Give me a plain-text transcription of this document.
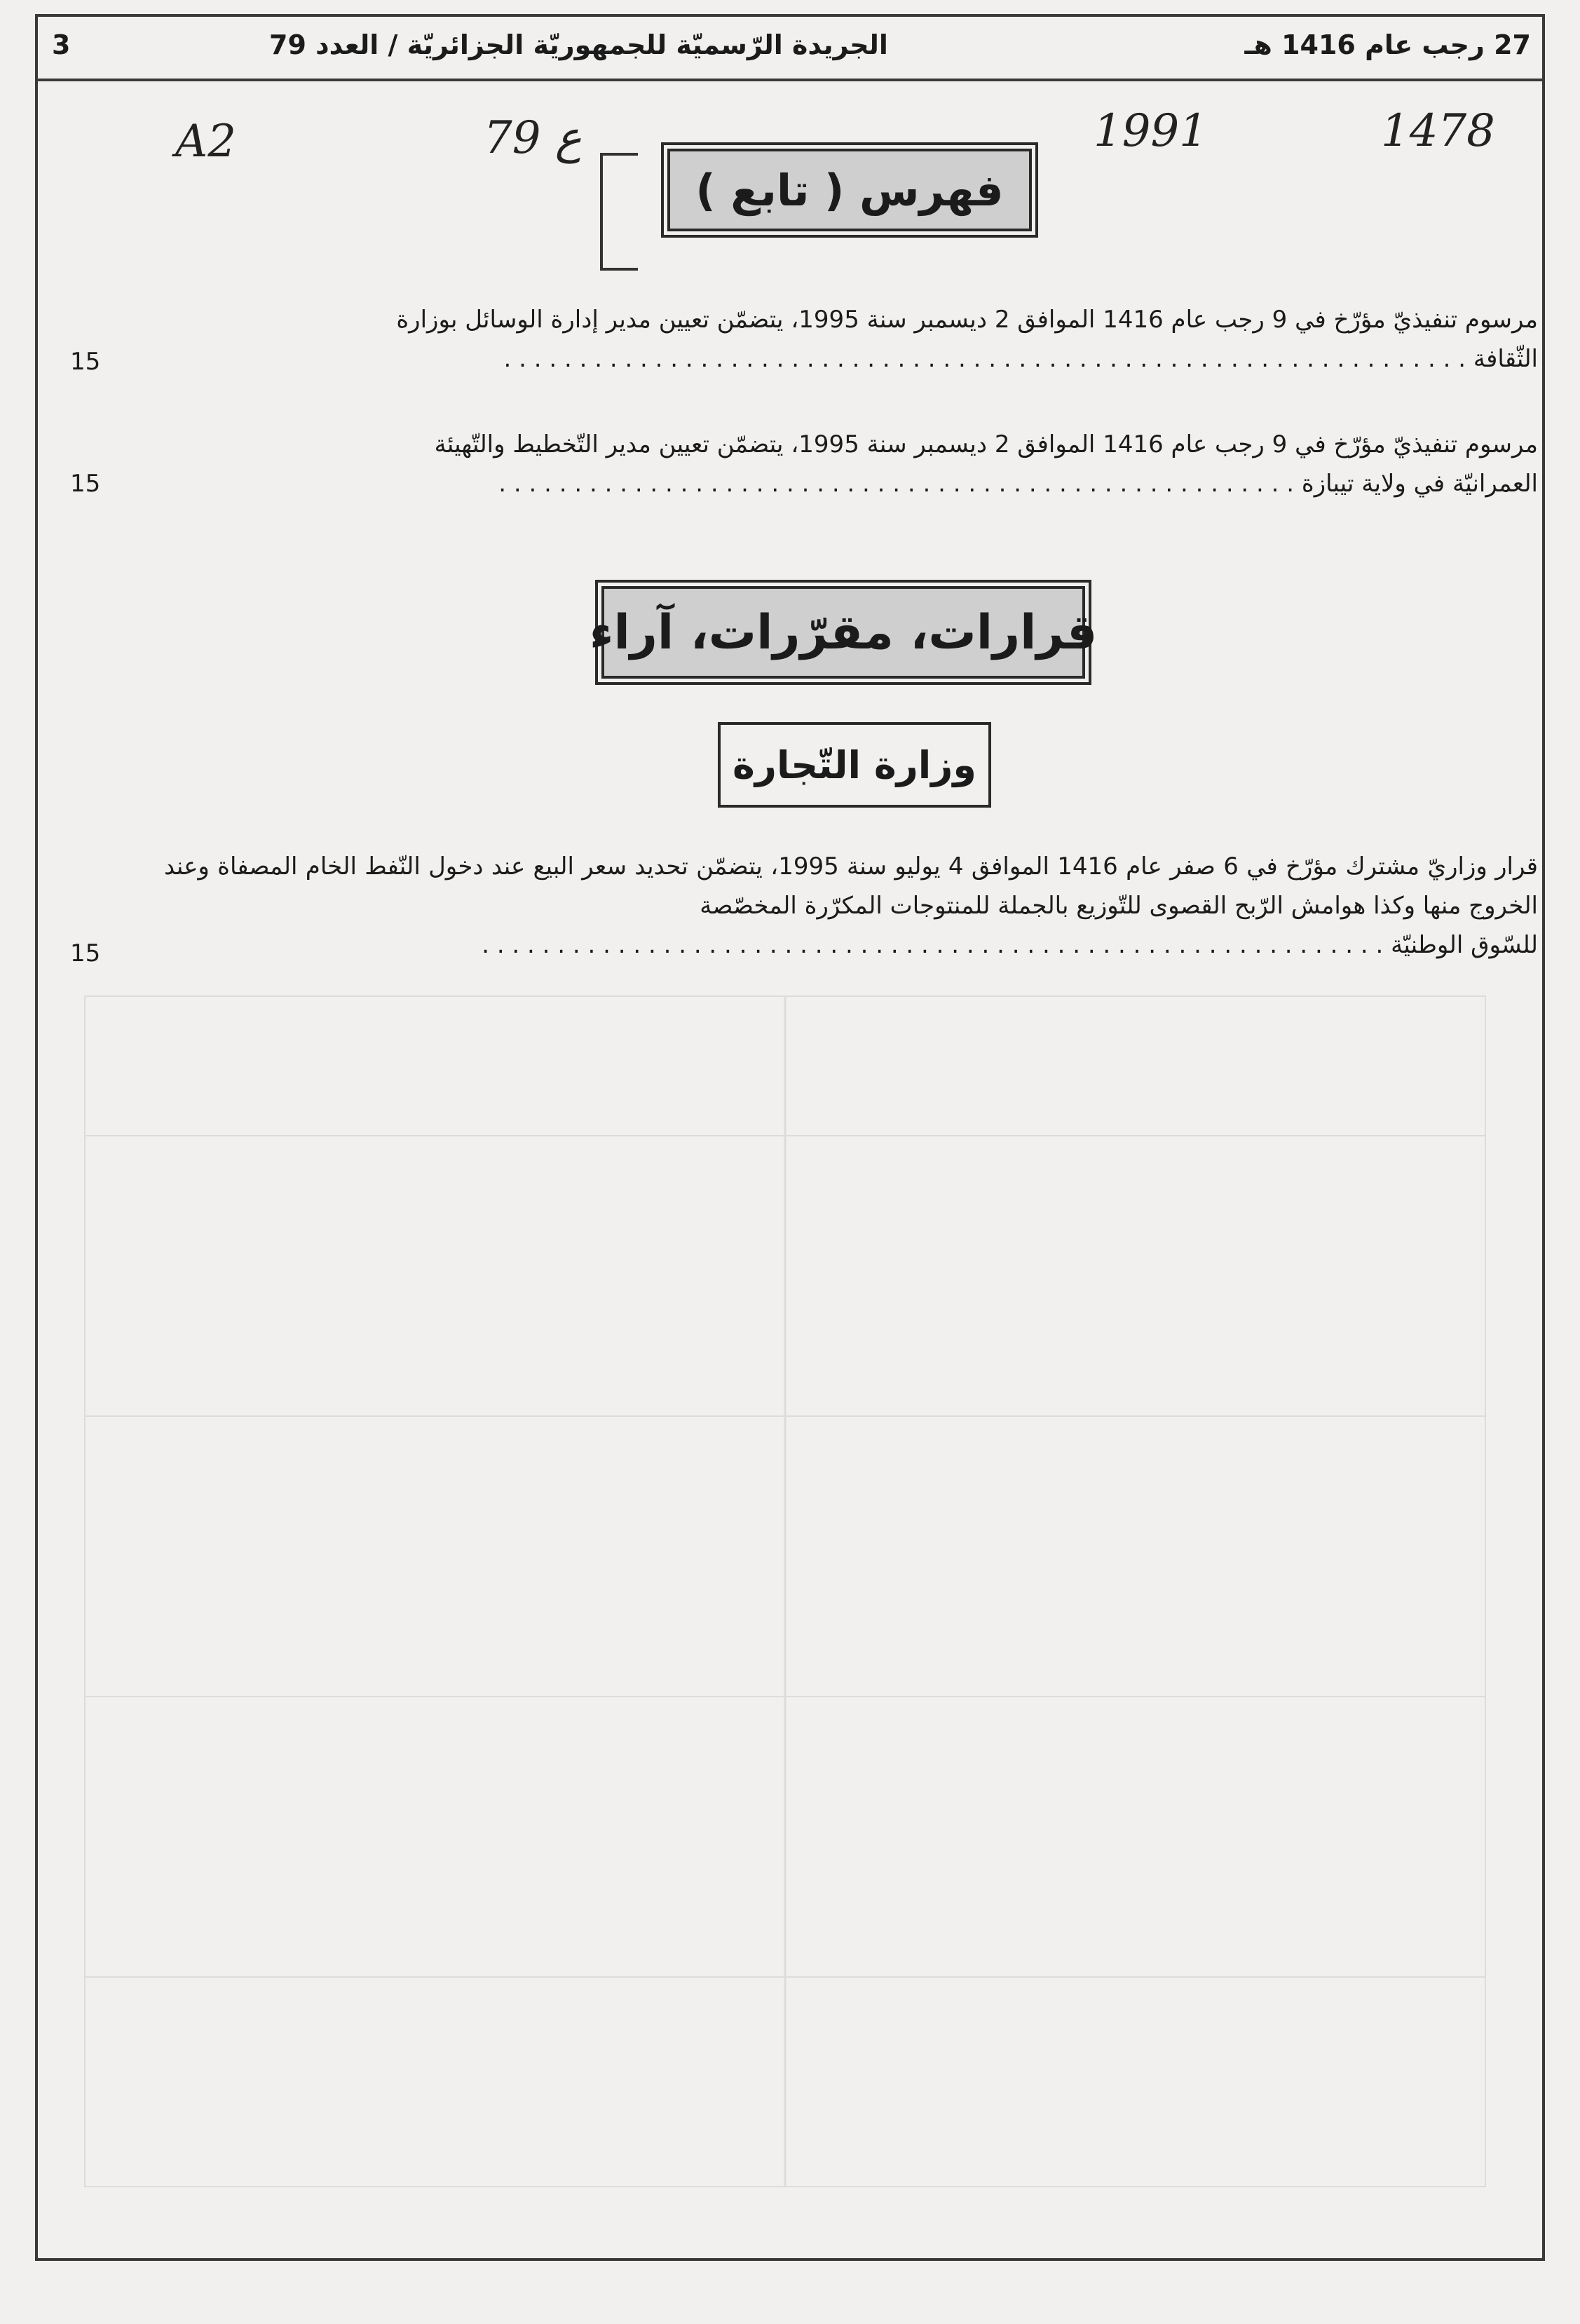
27 رجب عام 1416 هـ
الجريدة الرّسميّة للجمهوريّة الجزائريّة / العدد 79
3
A2	79 ع	1991	1478
فهرس ( تابع )
مرسوم تنفيذيّ مؤرّخ في 9 رجب عام 1416 الموافق 2 ديسمبر سنة 1995، يتضمّن تعيين مدير إدارة الوسائل بوزارة
الثّقافة . . . . . . . . . . . . . . . . . . . . . . . . . . . . . . . . . . . . . . . . . . . . . . . . . . . . . . . . . . . . . . . .
15
مرسوم تنفيذيّ مؤرّخ في 9 رجب عام 1416 الموافق 2 ديسمبر سنة 1995، يتضمّن تعيين مدير التّخطيط والتّهيئة
العمرانيّة في ولاية تيبازة . . . . . . . . . . . . . . . . . . . . . . . . . . . . . . . . . . . . . . . . . . . . . . . . . . . . .
15
قرارات، مقرّرات، آراء
وزارة التّجارة
قرار وزاريّ مشترك مؤرّخ في 6 صفر عام 1416 الموافق 4 يوليو سنة 1995، يتضمّن تحديد سعر البيع عند دخول النّفط الخام المصفاة وعند الخروج منها وكذا هوامش الرّبح القصوى للتّوزيع بالجملة للمنتوجات المكرّرة المخصّصة
للسّوق الوطنيّة . . . . . . . . . . . . . . . . . . . . . . . . . . . . . . . . . . . . . . . . . . . . . . . . . . . . . . . . . . . .
15
